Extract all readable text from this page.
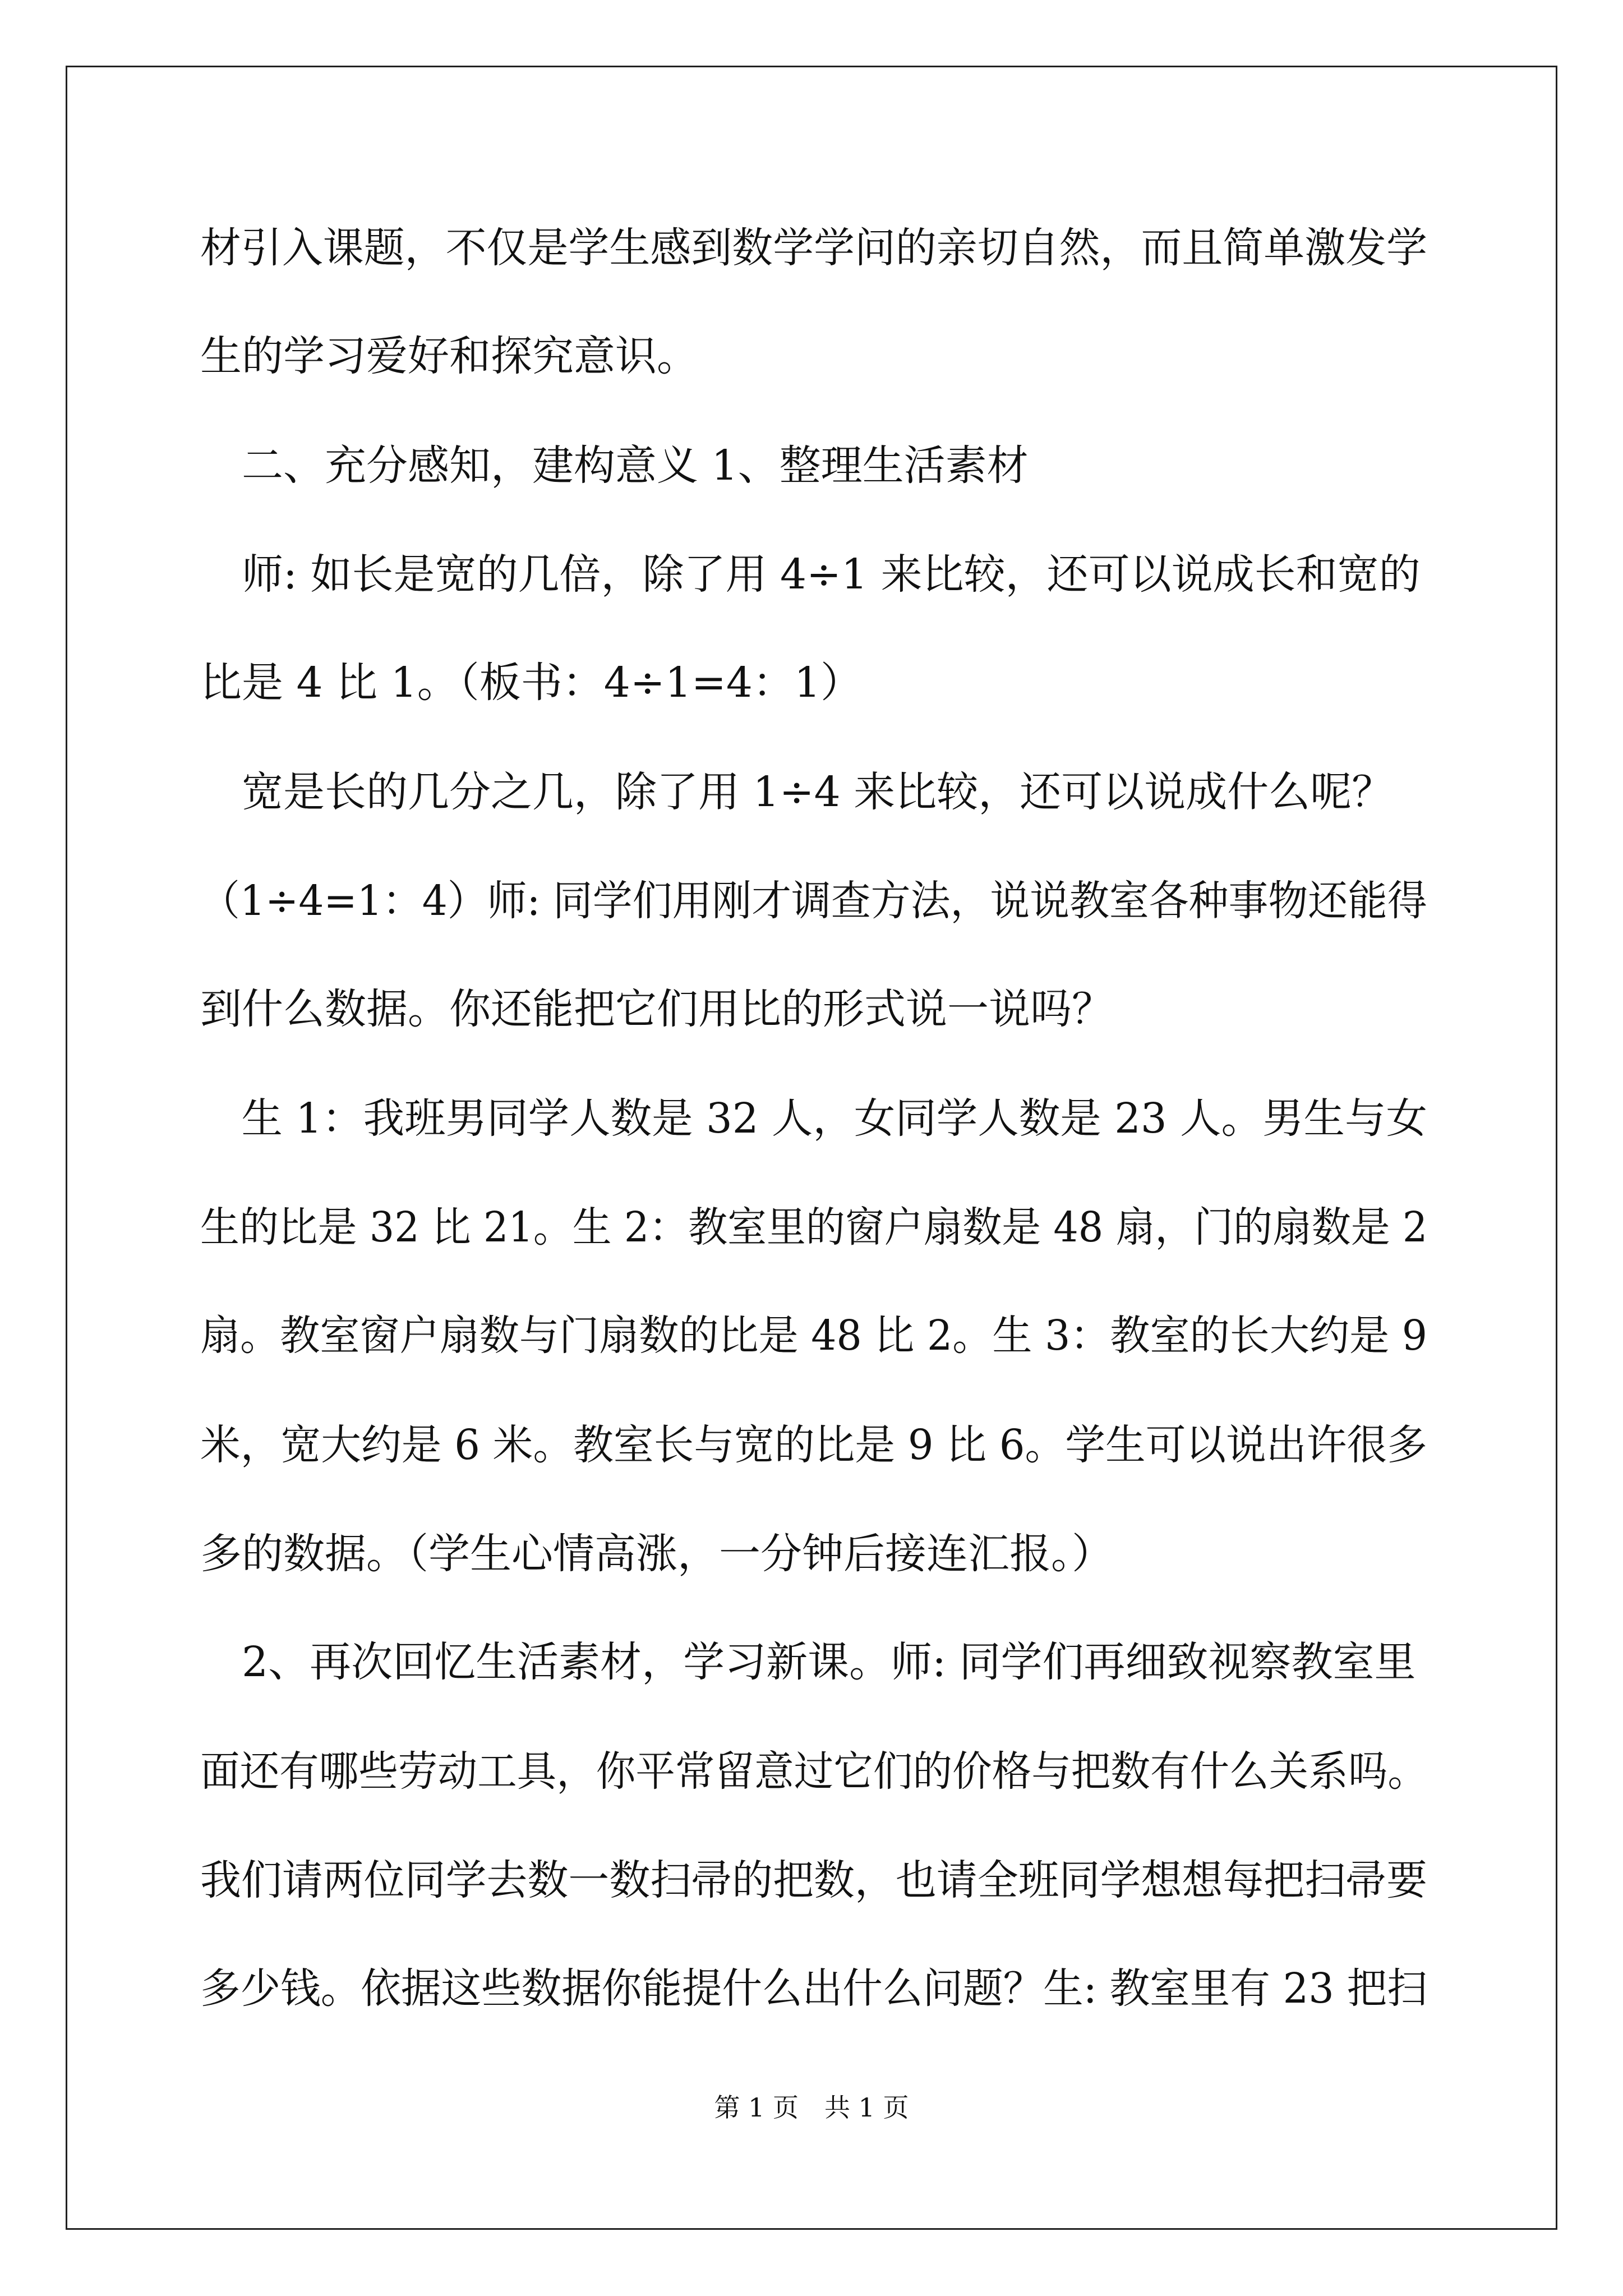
材引入课题，不仅是学生感到数学学问的亲切自然，而且简单激发学
生的学习爱好和探究意识。
　二、充分感知，建构意义 1、整理生活素材
　师: 如长是宽的几倍，除了用 4÷1 来比较，还可以说成长和宽的
比是 4 比 1。（板书：4÷1=4：1）
　宽是长的几分之几，除了用 1÷4 来比较，还可以说成什么呢？
（1÷4=1：4）师: 同学们用刚才调查方法，说说教室各种事物还能得
到什么数据。你还能把它们用比的形式说一说吗？
　生 1：我班男同学人数是 32 人，女同学人数是 23 人。男生与女
生的比是 32 比 21。生 2：教室里的窗户扇数是 48 扇，门的扇数是 2
扇。教室窗户扇数与门扇数的比是 48 比 2。生 3：教室的长大约是 9
米，宽大约是 6 米。教室长与宽的比是 9 比 6。学生可以说出许很多
多的数据。（学生心情高涨，一分钟后接连汇报。）
　2、再次回忆生活素材，学习新课。师: 同学们再细致视察教室里
面还有哪些劳动工具，你平常留意过它们的价格与把数有什么关系吗。
我们请两位同学去数一数扫帚的把数，也请全班同学想想每把扫帚要
多少钱。依据这些数据你能提什么出什么问题？生: 教室里有 23 把扫
第 1 页　共 1 页
